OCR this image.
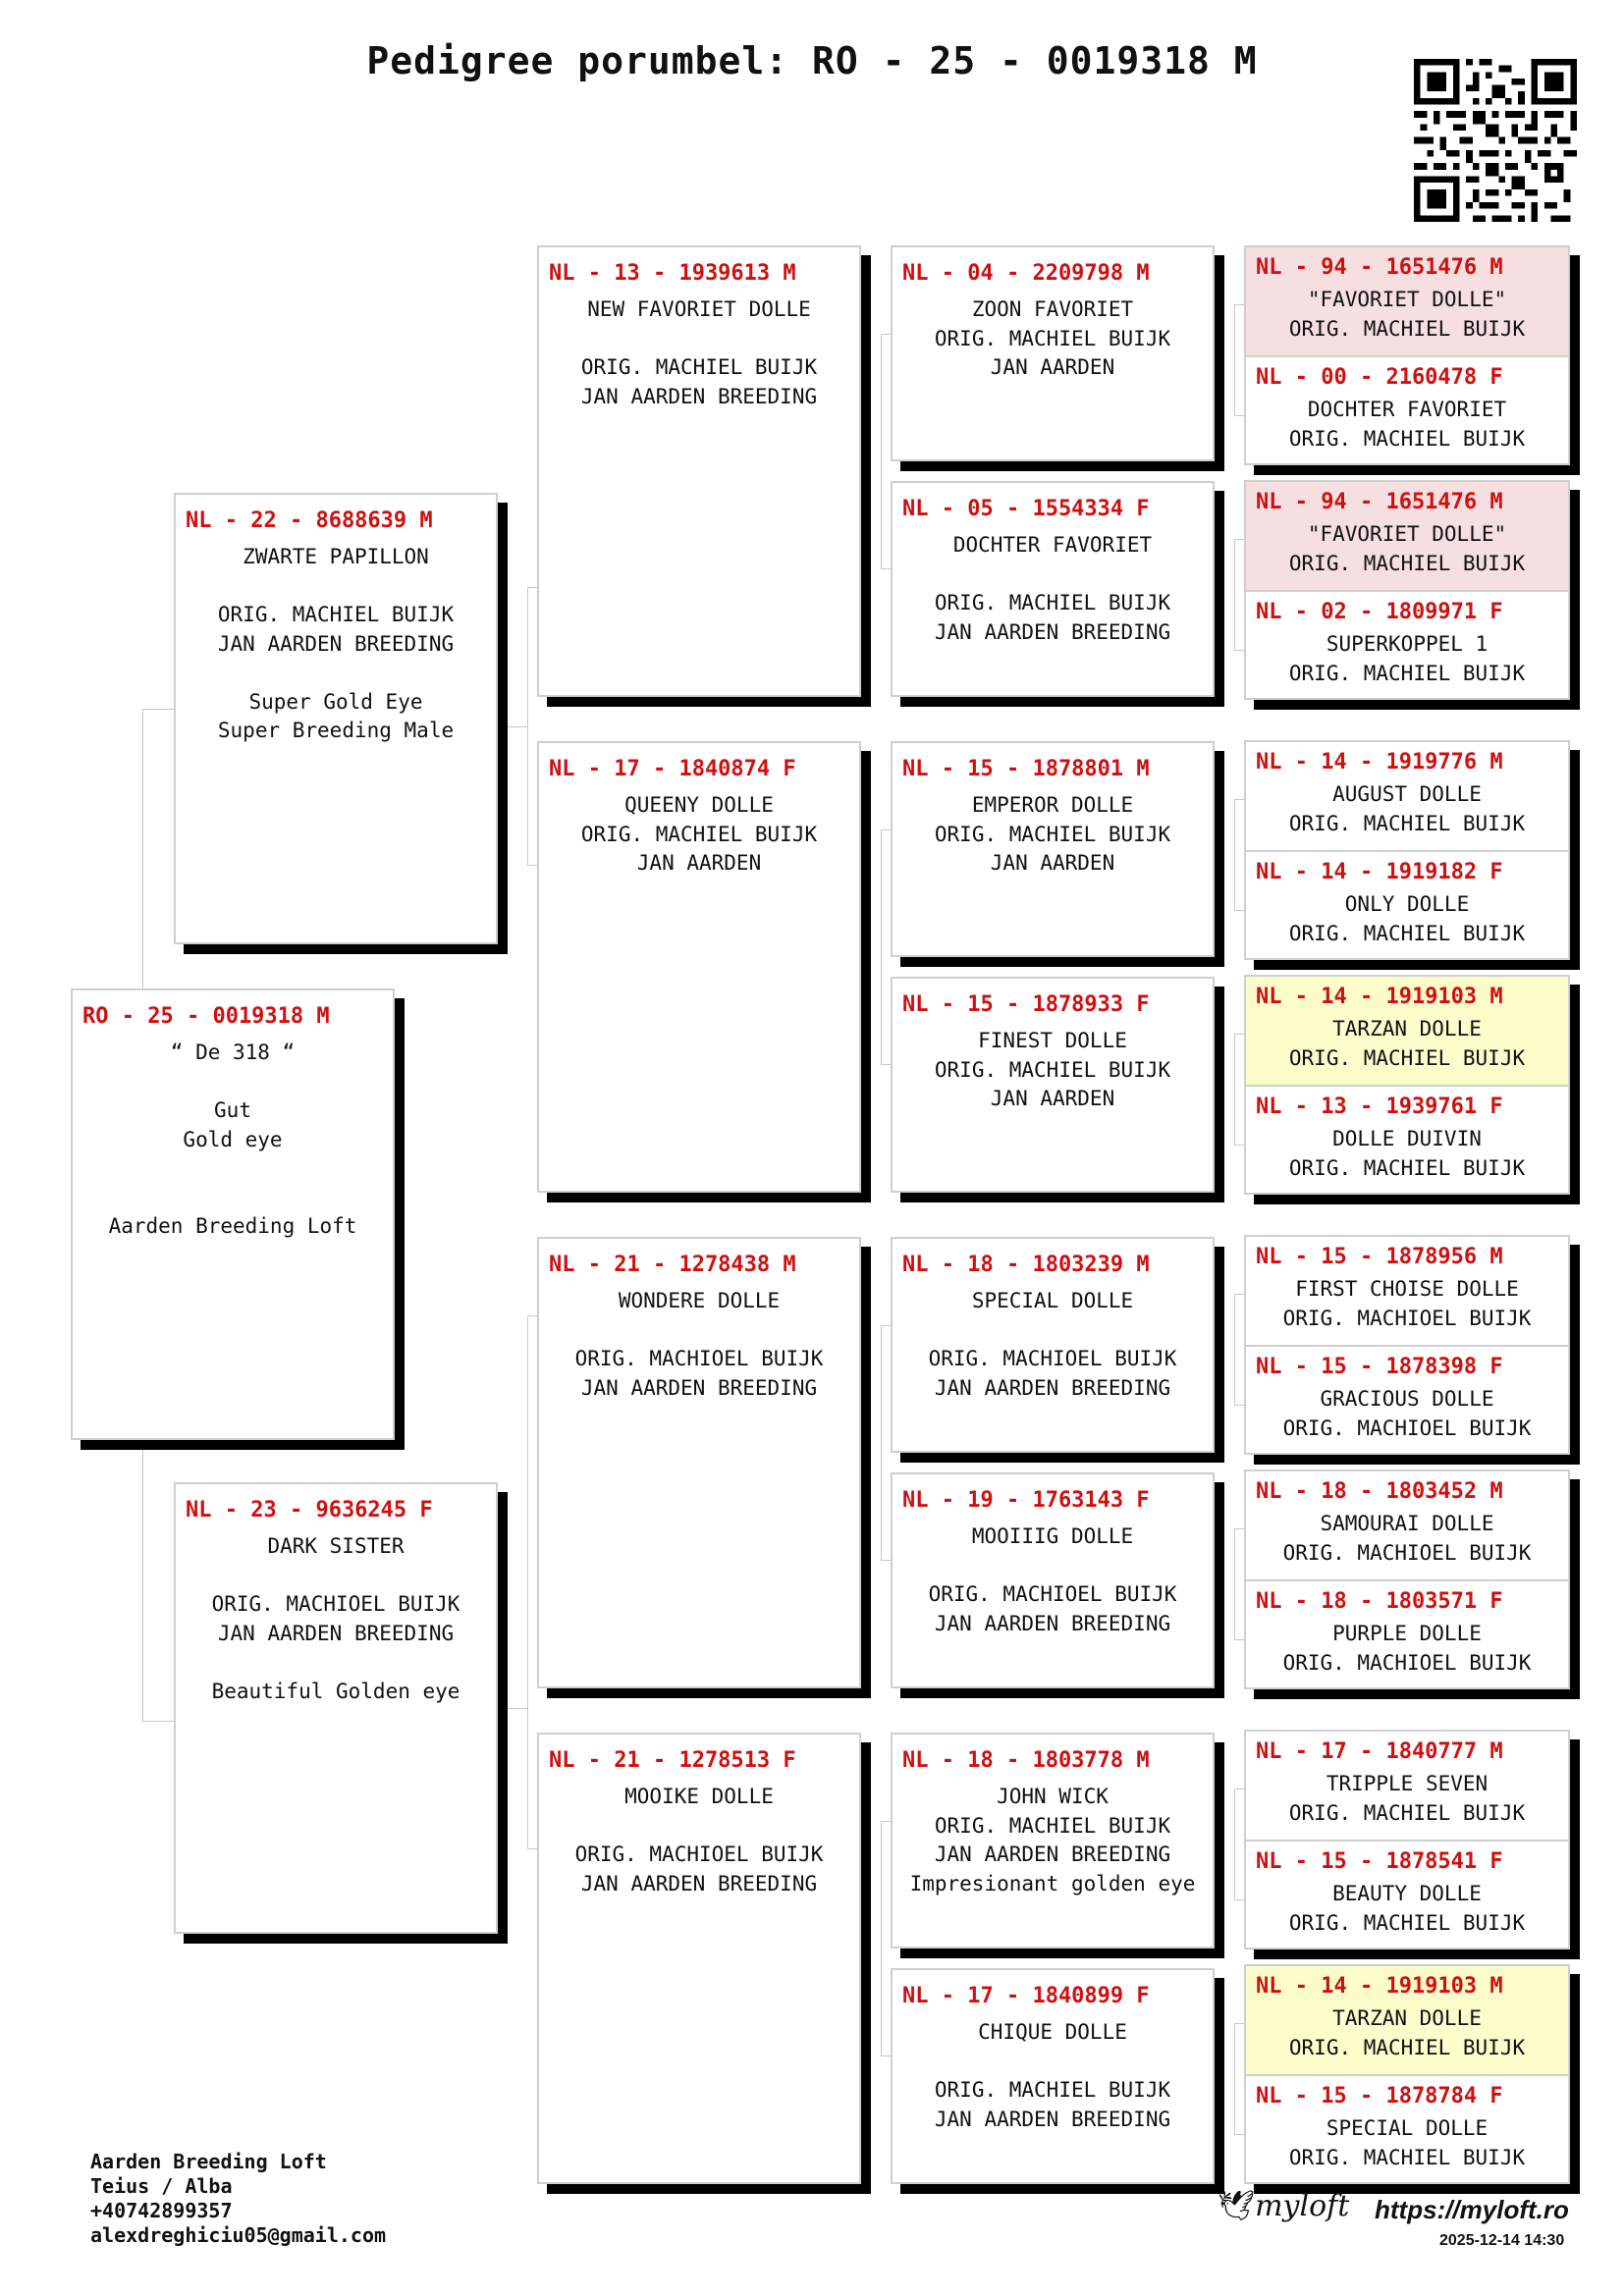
Pedigree porumbel: RO - 25 - 0019318 M
RO - 25 - 0019318 M
“ De 318 “

Gut
Gold eye

Aarden Breeding Loft
NL - 22 - 8688639 M
ZWARTE PAPILLON

ORIG. MACHIEL BUIJK
JAN AARDEN BREEDING

Super Gold Eye
Super Breeding Male
NL - 23 - 9636245 F
DARK SISTER

ORIG. MACHIOEL BUIJK
JAN AARDEN BREEDING

Beautiful Golden eye
NL - 13 - 1939613 M
NEW FAVORIET DOLLE

ORIG. MACHIEL BUIJK
JAN AARDEN BREEDING
NL - 17 - 1840874 F
QUEENY DOLLE
ORIG. MACHIEL BUIJK
JAN AARDEN
NL - 21 - 1278438 M
WONDERE DOLLE

ORIG. MACHIOEL BUIJK
JAN AARDEN BREEDING
NL - 21 - 1278513 F
MOOIKE DOLLE

ORIG. MACHIOEL BUIJK
JAN AARDEN BREEDING
NL - 04 - 2209798 M
ZOON FAVORIET
ORIG. MACHIEL BUIJK
JAN AARDEN
NL - 05 - 1554334 F
DOCHTER FAVORIET

ORIG. MACHIEL BUIJK
JAN AARDEN BREEDING
NL - 15 - 1878801 M
EMPEROR DOLLE
ORIG. MACHIEL BUIJK
JAN AARDEN
NL - 15 - 1878933 F
FINEST DOLLE
ORIG. MACHIEL BUIJK
JAN AARDEN
NL - 18 - 1803239 M
SPECIAL DOLLE

ORIG. MACHIOEL BUIJK
JAN AARDEN BREEDING
NL - 19 - 1763143 F
MOOIIIG DOLLE

ORIG. MACHIOEL BUIJK
JAN AARDEN BREEDING
NL - 18 - 1803778 M
JOHN WICK
ORIG. MACHIEL BUIJK
JAN AARDEN BREEDING
Impresionant golden eye
NL - 17 - 1840899 F
CHIQUE DOLLE

ORIG. MACHIEL BUIJK
JAN AARDEN BREEDING
NL - 94 - 1651476 M
"FAVORIET DOLLE"
ORIG. MACHIEL BUIJK
NL - 00 - 2160478 F
DOCHTER FAVORIET
ORIG. MACHIEL BUIJK
NL - 94 - 1651476 M
"FAVORIET DOLLE"
ORIG. MACHIEL BUIJK
NL - 02 - 1809971 F
SUPERKOPPEL 1
ORIG. MACHIEL BUIJK
NL - 14 - 1919776 M
AUGUST DOLLE
ORIG. MACHIEL BUIJK
NL - 14 - 1919182 F
ONLY DOLLE
ORIG. MACHIEL BUIJK
NL - 14 - 1919103 M
TARZAN DOLLE
ORIG. MACHIEL BUIJK
NL - 13 - 1939761 F
DOLLE DUIVIN
ORIG. MACHIEL BUIJK
NL - 15 - 1878956 M
FIRST CHOISE DOLLE
ORIG. MACHIOEL BUIJK
NL - 15 - 1878398 F
GRACIOUS DOLLE
ORIG. MACHIOEL BUIJK
NL - 18 - 1803452 M
SAMOURAI DOLLE
ORIG. MACHIOEL BUIJK
NL - 18 - 1803571 F
PURPLE DOLLE
ORIG. MACHIOEL BUIJK
NL - 17 - 1840777 M
TRIPPLE SEVEN
ORIG. MACHIEL BUIJK
NL - 15 - 1878541 F
BEAUTY DOLLE
ORIG. MACHIEL BUIJK
NL - 14 - 1919103 M
TARZAN DOLLE
ORIG. MACHIEL BUIJK
NL - 15 - 1878784 F
SPECIAL DOLLE
ORIG. MACHIEL BUIJK
Aarden Breeding Loft
Teius / Alba
+40742899357
alexdreghiciu05@gmail.com
🕊myloft https://myloft.ro
2025-12-14 14:30
